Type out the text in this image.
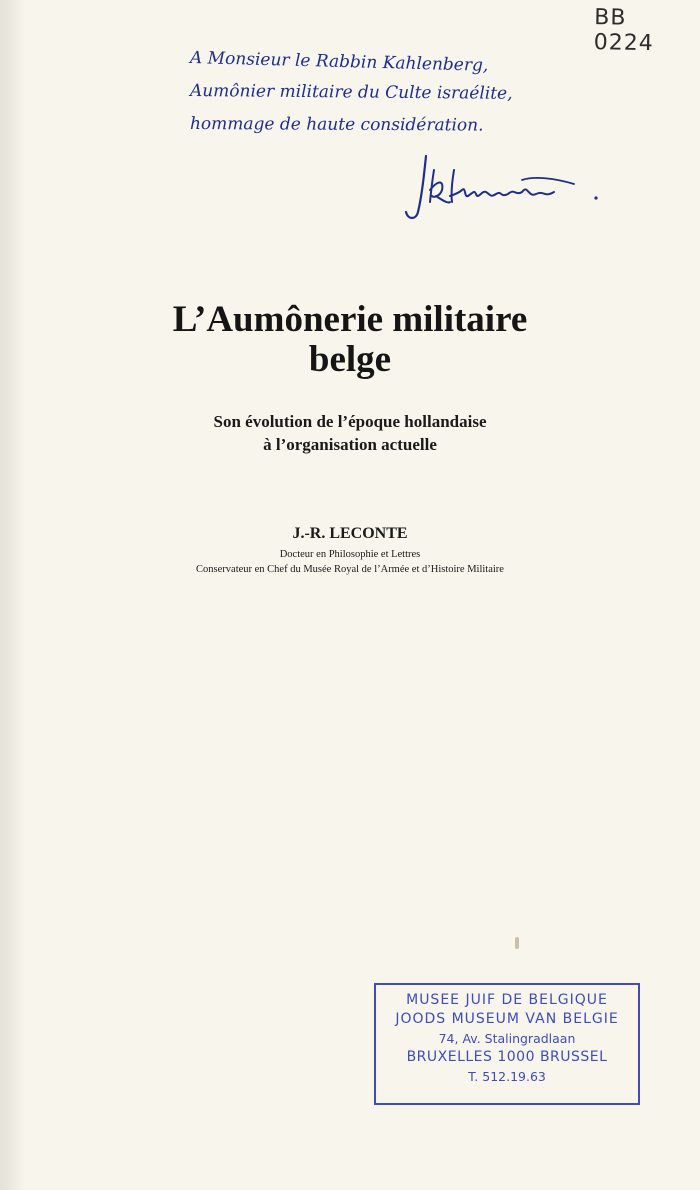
BB 0224
A Monsieur le Rabbin Kahlenberg,
Aumônier militaire du Culte israélite,
hommage de haute considération.
L’Aumônerie militaire
belge
Son évolution de l’époque hollandaise
à l’organisation actuelle
J.-R. LECONTE
Docteur en Philosophie et Lettres
Conservateur en Chef du Musée Royal de l’Armée et d’Histoire Militaire
MUSEE JUIF DE BELGIQUE
JOODS MUSEUM VAN BELGIE
74, Av. Stalingradlaan
BRUXELLES 1000 BRUSSEL
T. 512.19.63
